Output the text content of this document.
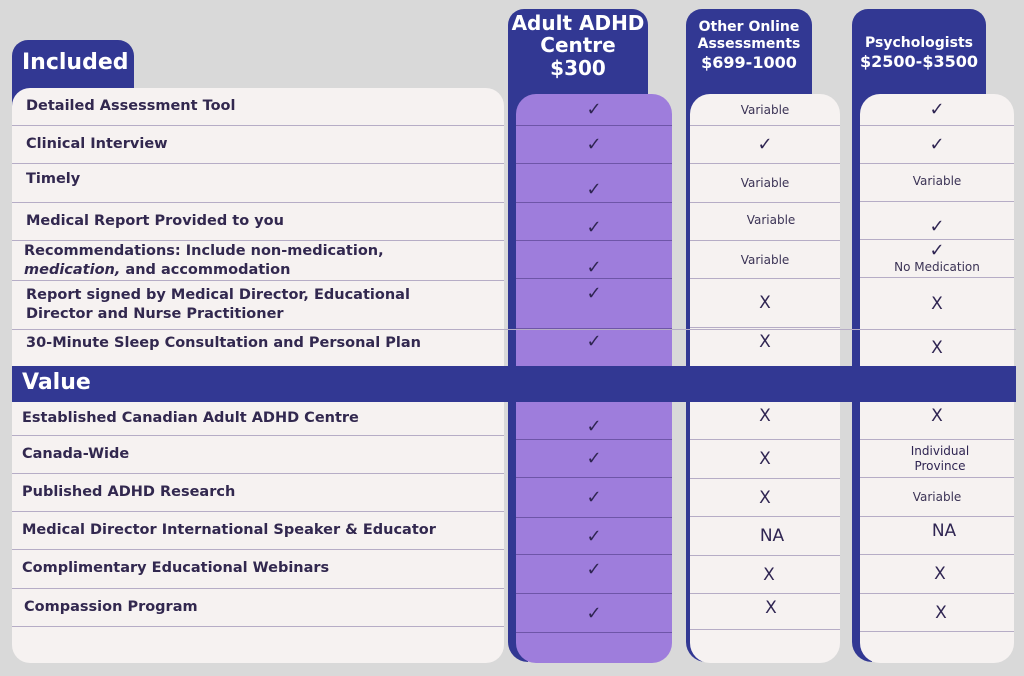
Included
Adult ADHD
Centre
$300
Other Online
Assessments
$699-1000
Psychologists
$2500-$3500
Detailed Assessment Tool
Clinical Interview
Timely
Medical Report Provided to you
Recommendations: Include non-medication,
medication, and accommodation
Report signed by Medical Director, Educational
Director and Nurse Practitioner
30-Minute Sleep Consultation and Personal Plan
Established Canadian Adult ADHD Centre
Canada-Wide
Published ADHD Research
Medical Director International Speaker & Educator
Complimentary Educational Webinars
Compassion Program
✓
✓
✓
✓
✓
✓
✓
✓
✓
✓
✓
✓
✓
Variable
✓
Variable
Variable
Variable
X
X
X
X
X
NA
X
X
✓
✓
Variable
✓
✓
No Medication
X
X
X
Individual
Province
Variable
NA
X
X
Value
